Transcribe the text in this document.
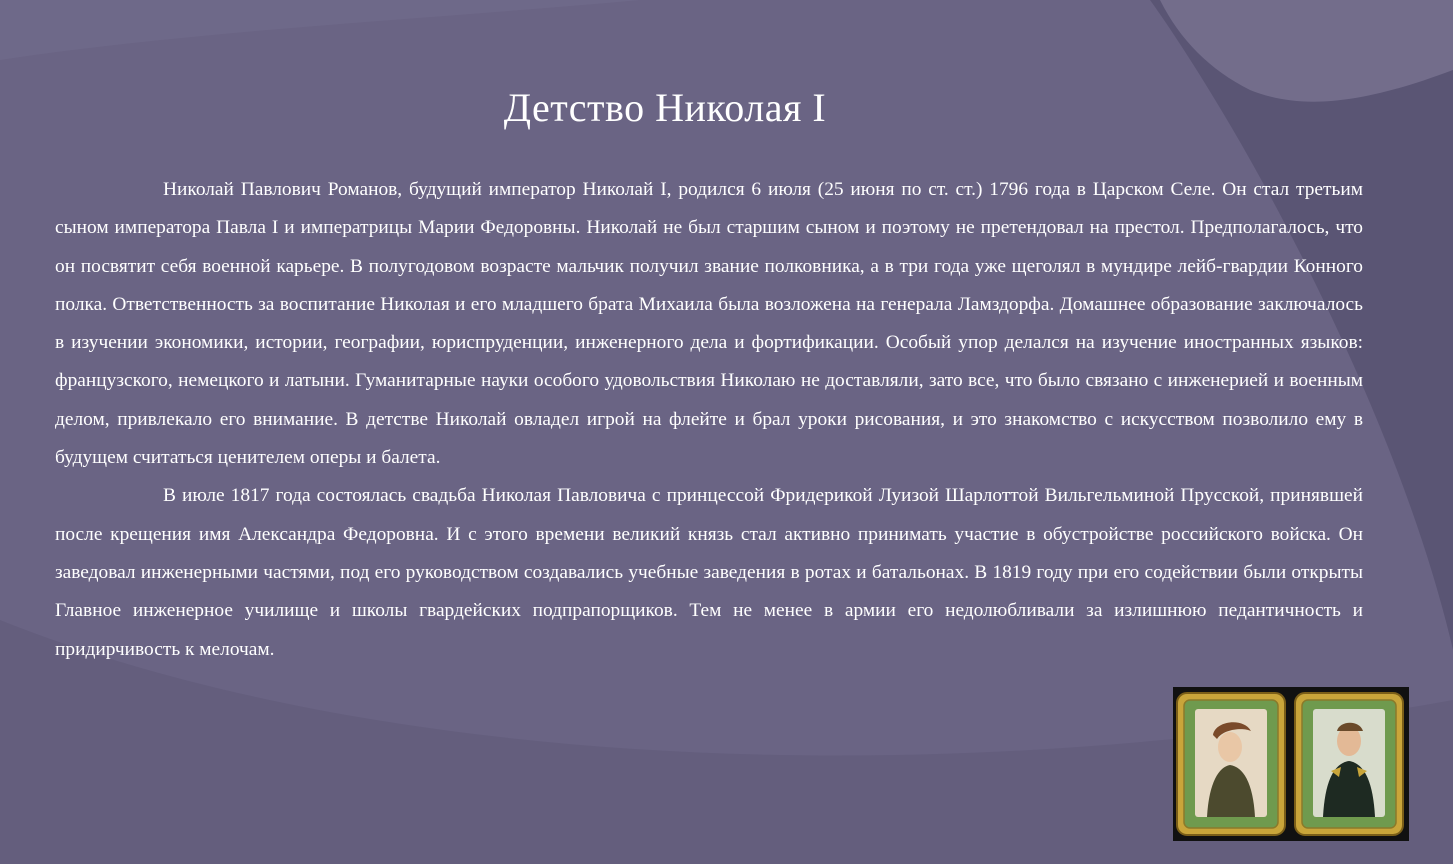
Детство Николая I

Николай Павлович Романов, будущий император Николай I, родился 6 июля (25 июня по ст. ст.) 1796 года в Царском Селе. Он стал третьим сыном императора Павла I и императрицы Марии Федоровны. Николай не был старшим сыном и поэтому не претендовал на престол. Предполагалось, что он посвятит себя военной карьере. В полугодовом возрасте мальчик получил звание полковника, а в три года уже щеголял в мундире лейб-гвардии Конного полка. Ответственность за воспитание Николая и его младшего брата Михаила была возложена на генерала Ламздорфа. Домашнее образование заключалось в изучении экономики, истории, географии, юриспруденции, инженерного дела и фортификации. Особый упор делался на изучение иностранных языков: французского, немецкого и латыни. Гуманитарные науки особого удовольствия Николаю не доставляли, зато все, что было связано с инженерией и военным делом, привлекало его внимание. В детстве Николай овладел игрой на флейте и брал уроки рисования, и это знакомство с искусством позволило ему в будущем считаться ценителем оперы и балета.

В июле 1817 года состоялась свадьба Николая Павловича с принцессой Фридерикой Луизой Шарлоттой Вильгельминой Прусской, принявшей после крещения имя Александра Федоровна. И с этого времени великий князь стал активно принимать участие в обустройстве российского войска. Он заведовал инженерными частями, под его руководством создавались учебные заведения в ротах и батальонах. В 1819 году при его содействии были открыты Главное инженерное училище и школы гвардейских подпрапорщиков. Тем не менее в армии его недолюбливали за излишнюю педантичность и придирчивость к мелочам.
